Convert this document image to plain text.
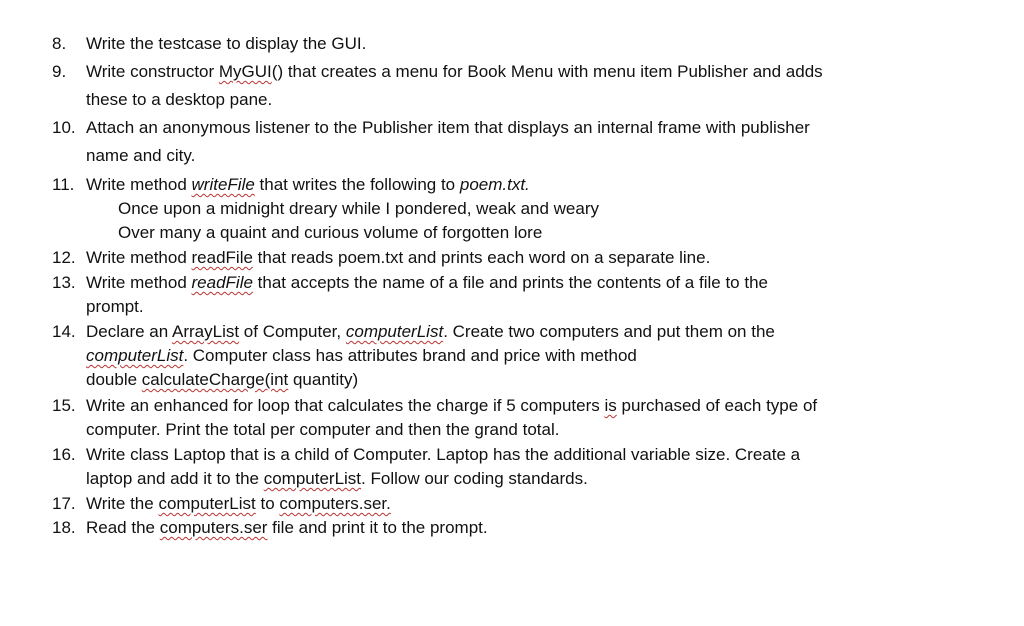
8. Write the testcase to display the GUI.
9. Write constructor MyGUI() that creates a menu for Book Menu with menu item Publisher and adds
these to a desktop pane.
10. Attach an anonymous listener to the Publisher item that displays an internal frame with publisher
name and city.
11. Write method writeFile that writes the following to poem.txt.
Once upon a midnight dreary while I pondered, weak and weary
Over many a quaint and curious volume of forgotten lore
12. Write method readFile that reads poem.txt and prints each word on a separate line.
13. Write method readFile that accepts the name of a file and prints the contents of a file to the
prompt.
14. Declare an ArrayList of Computer, computerList. Create two computers and put them on the
computerList. Computer class has attributes brand and price with method
double calculateCharge(int quantity)
15. Write an enhanced for loop that calculates the charge if 5 computers is purchased of each type of
computer. Print the total per computer and then the grand total.
16. Write class Laptop that is a child of Computer. Laptop has the additional variable size. Create a
laptop and add it to the computerList. Follow our coding standards.
17. Write the computerList to computers.ser.
18. Read the computers.ser file and print it to the prompt.
